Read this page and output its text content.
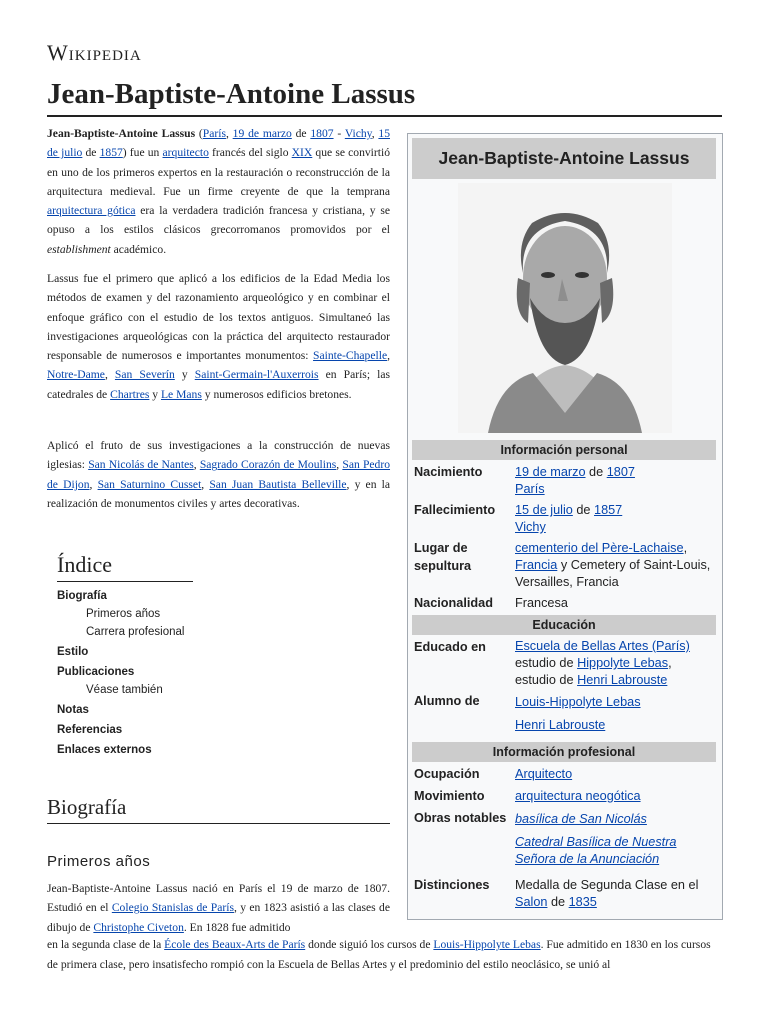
Wikipedia
Jean-Baptiste-Antoine Lassus
Jean-Baptiste-Antoine Lassus (París, 19 de marzo de 1807 - Vichy, 15 de julio de 1857) fue un arquitecto francés del siglo XIX que se convirtió en uno de los primeros expertos en la restauración o reconstrucción de la arquitectura medieval. Fue un firme creyente de que la temprana arquitectura gótica era la verdadera tradición francesa y cristiana, y se opuso a los estilos clásicos grecorromanos promovidos por el establishment académico.
Lassus fue el primero que aplicó a los edificios de la Edad Media los métodos de examen y del razonamiento arqueológico y en combinar el enfoque gráfico con el estudio de los textos antiguos. Simultaneó las investigaciones arqueológicas con la práctica del arquitecto restaurador responsable de numerosos e importantes monumentos: Sainte-Chapelle, Notre-Dame, San Severín y Saint-Germain-l'Auxerrois en París; las catedrales de Chartres y Le Mans y numerosos edificios bretones.
Aplicó el fruto de sus investigaciones a la construcción de nuevas iglesias: San Nicolás de Nantes, Sagrado Corazón de Moulins, San Pedro de Dijon, San Saturnino Cusset, San Juan Bautista Belleville, y en la realización de monumentos civiles y artes decorativas.
Índice
Biografía
Primeros años
Carrera profesional
Estilo
Publicaciones
Véase también
Notas
Referencias
Enlaces externos
Biografía
Primeros años
Jean-Baptiste-Antoine Lassus nació en París el 19 de marzo de 1807. Estudió en el Colegio Stanislas de París, y en 1823 asistió a las clases de dibujo de Christophe Civeton. En 1828 fue admitido
en la segunda clase de la École des Beaux-Arts de París donde siguió los cursos de Louis-Hippolyte Lebas. Fue admitido en 1830 en los cursos de primera clase, pero insatisfecho rompió con la Escuela de Bellas Artes y el predominio del estilo neoclásico, se unió al
Jean-Baptiste-Antoine Lassus
Información personal
Nacimiento	19 de marzo de 1807
París
Fallecimiento	15 de julio de 1857
Vichy
Lugar de sepultura
cementerio del Père-Lachaise, Francia y Cemetery of Saint-Louis, Versailles, Francia
Nacionalidad	Francesa
Educación
Educado en	Escuela de Bellas Artes (París)
estudio de Hippolyte Lebas,
estudio de Henri Labrouste
Alumno de	Louis-Hippolyte Lebas
Henri Labrouste
Información profesional
Ocupación	Arquitecto
Movimiento	arquitectura neogótica
Obras notables basílica de San Nicolás
Catedral Basílica de Nuestra Señora de la Anunciación
Distinciones	Medalla de Segunda Clase en el Salon de 1835
